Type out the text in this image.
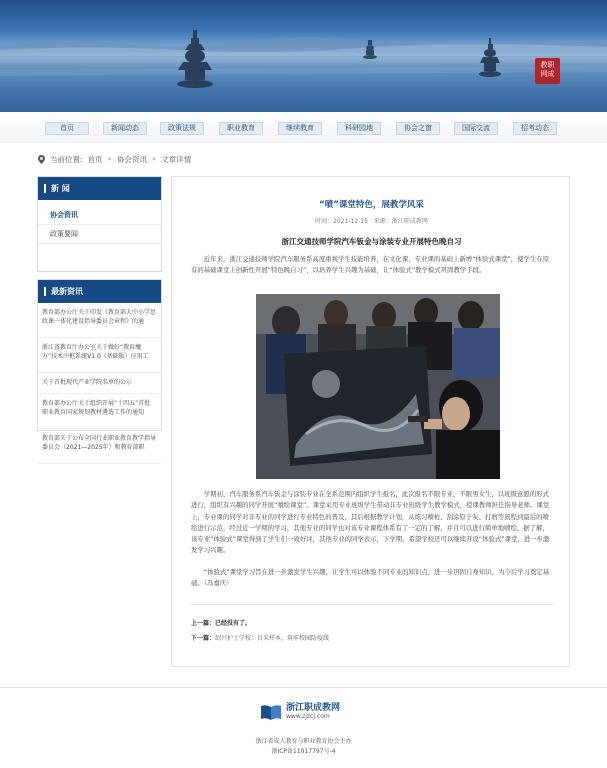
教职
网成
首页	新闻动态	政策法规	职业教育	继续教育	科研园地	协会之窗	国际交流	招考动态
当前位置: 首页 » 协会资讯 » 文章详情
新 闻
协会资讯
政策要闻
最新资讯
教育部办公厅关于印发《教育部大中小学思政课一体化建设指导委员会章程》的通
浙江省教育厅办公室关于做好“教育魔方”技术中枢系统V1.0（基础版）应用工
关于首批现代产业学院名单的公示
教育部办公厅关于组织开展“十四五”首批职业教育国家规划教材遴选工作的通知
教育部关于公布全国行业职业教育教学指导委员会（2021—2025年）和教育部职
“喷”课堂特色，展教学风采
时间：2021-12-15　来源：浙江职成教网
浙江交通技师学院汽车钣金与涂装专业开展特色晚自习
近年来，浙江交通技师学院汽车服务系高度重视学生技能培养，在文化课、专业课的基础上新增“体验式课堂”，使学生在原有的基础课堂上创新性开展“特色晚自习”，以培养学生兴趣为基础，让“体验式”教学模式巩固教学手段。
学期初，汽车服务系汽车钣金与涂装专业在全系范围内组织学生报名，此次报名不限专业，不限男女生，以班级意愿的形式进行，组织有兴趣的同学开展“喷绘课堂”。课堂采用专业班级学生带动非专业班级学生教学模式，授课教师担任指导老师。课堂上，专业课的同学对非专业的同学进行专业特色的普及，其后根据教学计划，从练习喷枪、刮涂原子灰、打磨等流程到最后的喷绘进行示范，经过近一学期的学习，其他专业的同学也对该专业课程体系有了一定的了解，并且可以进行简单地喷绘。据了解，该专业“体验式”课堂得到了学生们一致好评，其他专业的同学表示，下学期，希望学校还可以继续开设“体验式”课堂，进一步激发学习兴趣。
“体验式”课堂学习旨在进一步激发学生兴趣，让学生可以体验不同专业的知识点，进一步巩固自身知识，为今后学习奠定基础。（冯嘉庆）
上一篇：已经没有了。
下一篇：绍兴护士学校：目采样本，筑牢校园防疫线
浙江职成教网
www.zjzcj.com
浙江省成人教育与职业教育协会主办
浙ICP备11017797号-4
